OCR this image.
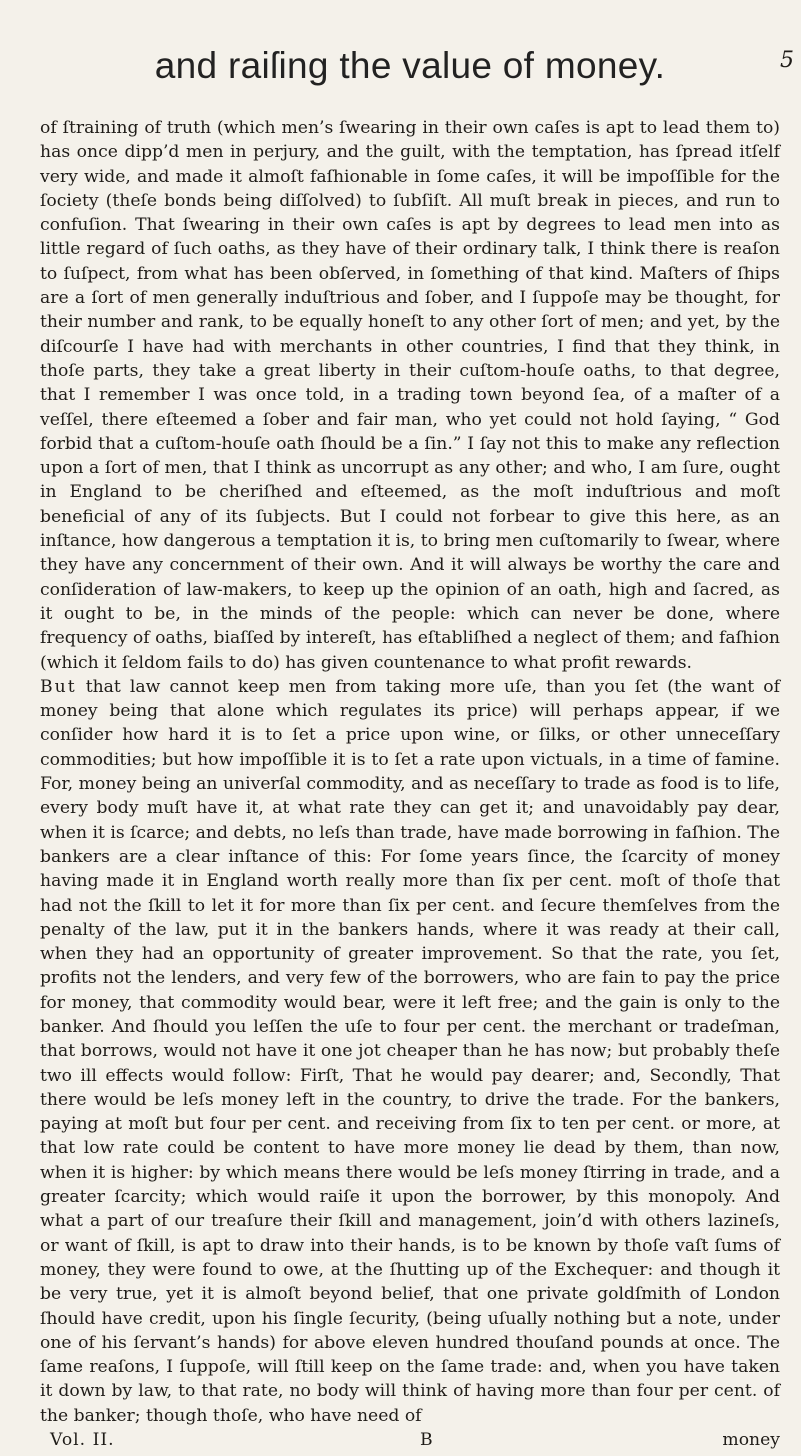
and raiſing the value of money.	5

of ſtraining of truth (which men’s ſwearing in their own caſes is apt to lead them to) has once dipp’d men in perjury, and the guilt, with the temptation, has ſpread itſelf very wide, and made it almoſt faſhionable in ſome caſes, it will be impoſſible for the ſociety (theſe bonds being diſſolved) to ſubſiſt. All muſt break in pieces, and run to confuſion. That ſwearing in their own caſes is apt by degrees to lead men into as little regard of ſuch oaths, as they have of their ordinary talk, I think there is reaſon to ſuſpect, from what has been obſerved, in ſomething of that kind. Maſters of ſhips are a ſort of men generally induſtrious and ſober, and I ſuppoſe may be thought, for their number and rank, to be equally honeſt to any other ſort of men; and yet, by the diſcourſe I have had with merchants in other countries, I find that they think, in thoſe parts, they take a great liberty in their cuſtom-houſe oaths, to that degree, that I remember I was once told, in a trading town beyond ſea, of a maſter of a veſſel, there eſteemed a ſober and fair man, who yet could not hold ſaying, “ God forbid that a cuſtom-houſe oath ſhould be a ſin.” I ſay not this to make any reflection upon a ſort of men, that I think as uncorrupt as any other; and who, I am ſure, ought in England to be cheriſhed and eſteemed, as the moſt induſtrious and moſt beneficial of any of its ſubjects. But I could not forbear to give this here, as an inſtance, how dangerous a temptation it is, to bring men cuſtomarily to ſwear, where they have any concernment of their own. And it will always be worthy the care and conſideration of law-makers, to keep up the opinion of an oath, high and ſacred, as it ought to be, in the minds of the people: which can never be done, where frequency of oaths, biaſſed by intereſt, has eſtabliſhed a neglect of them; and faſhion (which it ſeldom fails to do) has given countenance to what profit rewards.

But that law cannot keep men from taking more uſe, than you ſet (the want of money being that alone which regulates its price) will perhaps appear, if we conſider how hard it is to ſet a price upon wine, or ſilks, or other unneceſſary commodities; but how impoſſible it is to ſet a rate upon victuals, in a time of famine. For, money being an univerſal commodity, and as neceſſary to trade as food is to life, every body muſt have it, at what rate they can get it; and unavoidably pay dear, when it is ſcarce; and debts, no leſs than trade, have made borrowing in faſhion. The bankers are a clear inſtance of this: For ſome years ſince, the ſcarcity of money having made it in England worth really more than ſix per cent. moſt of thoſe that had not the ſkill to let it for more than ſix per cent. and ſecure themſelves from the penalty of the law, put it in the bankers hands, where it was ready at their call, when they had an opportunity of greater improvement. So that the rate, you ſet, profits not the lenders, and very few of the borrowers, who are fain to pay the price for money, that commodity would bear, were it left free; and the gain is only to the banker. And ſhould you leſſen the uſe to four per cent. the merchant or tradeſman, that borrows, would not have it one jot cheaper than he has now; but probably theſe two ill effects would follow: Firſt, That he would pay dearer; and, Secondly, That there would be leſs money left in the country, to drive the trade. For the bankers, paying at moſt but four per cent. and receiving from ſix to ten per cent. or more, at that low rate could be content to have more money lie dead by them, than now, when it is higher: by which means there would be leſs money ſtirring in trade, and a greater ſcarcity; which would raiſe it upon the borrower, by this monopoly. And what a part of our treaſure their ſkill and management, join’d with others lazineſs, or want of ſkill, is apt to draw into their hands, is to be known by thoſe vaſt ſums of money, they were found to owe, at the ſhutting up of the Exchequer: and though it be very true, yet it is almoſt beyond belief, that one private goldſmith of London ſhould have credit, upon his ſingle ſecurity, (being uſually nothing but a note, under one of his ſervant’s hands) for above eleven hundred thouſand pounds at once. The ſame reaſons, I ſuppoſe, will ſtill keep on the ſame trade: and, when you have taken it down by law, to that rate, no body will think of having more than four per cent. of the banker; though thoſe, who have need of

Vol. II.	B	money
